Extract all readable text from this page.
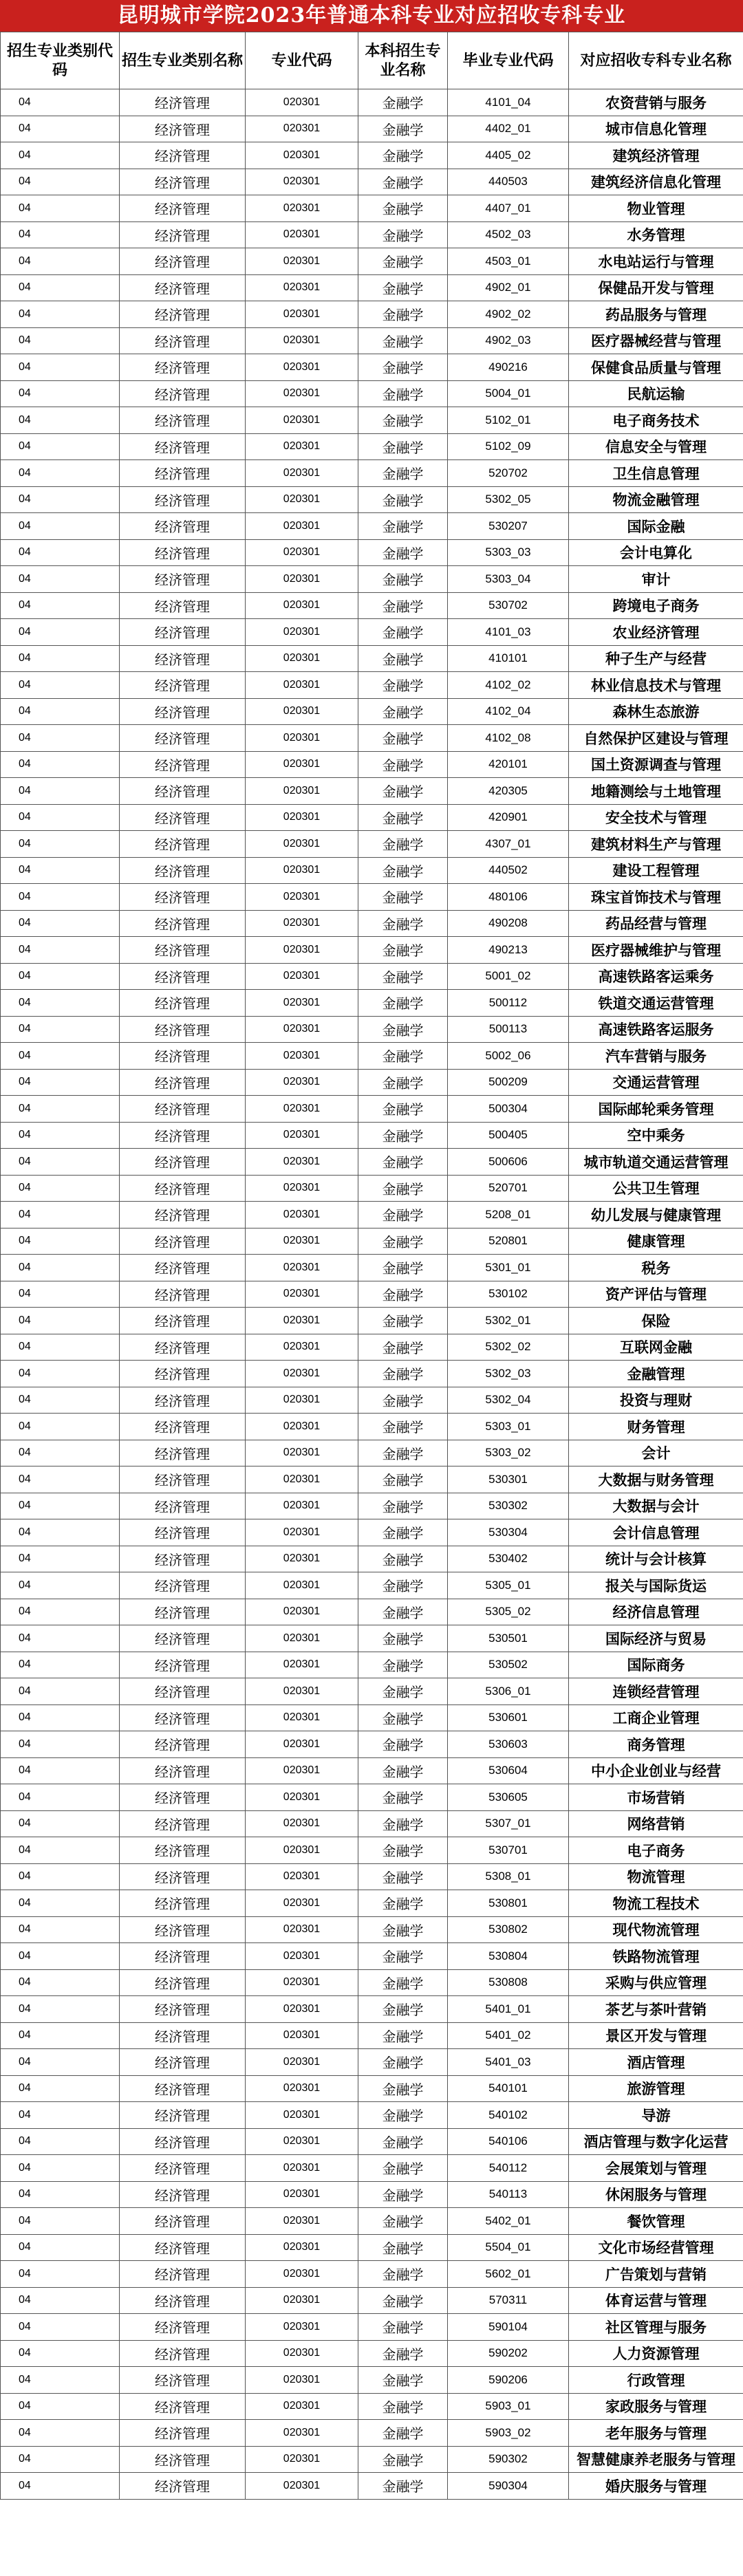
昆明城市学院2023年普通本科专业对应招收专科专业
招生专业类别代码	招生专业类别名称	专业代码	本科招生专业名称	毕业专业代码	对应招收专科专业名称
04	经济管理	020301	金融学	4101_04	农资营销与服务
04	经济管理	020301	金融学	4402_01	城市信息化管理
04	经济管理	020301	金融学	4405_02	建筑经济管理
04	经济管理	020301	金融学	440503	建筑经济信息化管理
04	经济管理	020301	金融学	4407_01	物业管理
04	经济管理	020301	金融学	4502_03	水务管理
04	经济管理	020301	金融学	4503_01	水电站运行与管理
04	经济管理	020301	金融学	4902_01	保健品开发与管理
04	经济管理	020301	金融学	4902_02	药品服务与管理
04	经济管理	020301	金融学	4902_03	医疗器械经营与管理
04	经济管理	020301	金融学	490216	保健食品质量与管理
04	经济管理	020301	金融学	5004_01	民航运输
04	经济管理	020301	金融学	5102_01	电子商务技术
04	经济管理	020301	金融学	5102_09	信息安全与管理
04	经济管理	020301	金融学	520702	卫生信息管理
04	经济管理	020301	金融学	5302_05	物流金融管理
04	经济管理	020301	金融学	530207	国际金融
04	经济管理	020301	金融学	5303_03	会计电算化
04	经济管理	020301	金融学	5303_04	审计
04	经济管理	020301	金融学	530702	跨境电子商务
04	经济管理	020301	金融学	4101_03	农业经济管理
04	经济管理	020301	金融学	410101	种子生产与经营
04	经济管理	020301	金融学	4102_02	林业信息技术与管理
04	经济管理	020301	金融学	4102_04	森林生态旅游
04	经济管理	020301	金融学	4102_08	自然保护区建设与管理
04	经济管理	020301	金融学	420101	国土资源调查与管理
04	经济管理	020301	金融学	420305	地籍测绘与土地管理
04	经济管理	020301	金融学	420901	安全技术与管理
04	经济管理	020301	金融学	4307_01	建筑材料生产与管理
04	经济管理	020301	金融学	440502	建设工程管理
04	经济管理	020301	金融学	480106	珠宝首饰技术与管理
04	经济管理	020301	金融学	490208	药品经营与管理
04	经济管理	020301	金融学	490213	医疗器械维护与管理
04	经济管理	020301	金融学	5001_02	高速铁路客运乘务
04	经济管理	020301	金融学	500112	铁道交通运营管理
04	经济管理	020301	金融学	500113	高速铁路客运服务
04	经济管理	020301	金融学	5002_06	汽车营销与服务
04	经济管理	020301	金融学	500209	交通运营管理
04	经济管理	020301	金融学	500304	国际邮轮乘务管理
04	经济管理	020301	金融学	500405	空中乘务
04	经济管理	020301	金融学	500606	城市轨道交通运营管理
04	经济管理	020301	金融学	520701	公共卫生管理
04	经济管理	020301	金融学	5208_01	幼儿发展与健康管理
04	经济管理	020301	金融学	520801	健康管理
04	经济管理	020301	金融学	5301_01	税务
04	经济管理	020301	金融学	530102	资产评估与管理
04	经济管理	020301	金融学	5302_01	保险
04	经济管理	020301	金融学	5302_02	互联网金融
04	经济管理	020301	金融学	5302_03	金融管理
04	经济管理	020301	金融学	5302_04	投资与理财
04	经济管理	020301	金融学	5303_01	财务管理
04	经济管理	020301	金融学	5303_02	会计
04	经济管理	020301	金融学	530301	大数据与财务管理
04	经济管理	020301	金融学	530302	大数据与会计
04	经济管理	020301	金融学	530304	会计信息管理
04	经济管理	020301	金融学	530402	统计与会计核算
04	经济管理	020301	金融学	5305_01	报关与国际货运
04	经济管理	020301	金融学	5305_02	经济信息管理
04	经济管理	020301	金融学	530501	国际经济与贸易
04	经济管理	020301	金融学	530502	国际商务
04	经济管理	020301	金融学	5306_01	连锁经营管理
04	经济管理	020301	金融学	530601	工商企业管理
04	经济管理	020301	金融学	530603	商务管理
04	经济管理	020301	金融学	530604	中小企业创业与经营
04	经济管理	020301	金融学	530605	市场营销
04	经济管理	020301	金融学	5307_01	网络营销
04	经济管理	020301	金融学	530701	电子商务
04	经济管理	020301	金融学	5308_01	物流管理
04	经济管理	020301	金融学	530801	物流工程技术
04	经济管理	020301	金融学	530802	现代物流管理
04	经济管理	020301	金融学	530804	铁路物流管理
04	经济管理	020301	金融学	530808	采购与供应管理
04	经济管理	020301	金融学	5401_01	茶艺与茶叶营销
04	经济管理	020301	金融学	5401_02	景区开发与管理
04	经济管理	020301	金融学	5401_03	酒店管理
04	经济管理	020301	金融学	540101	旅游管理
04	经济管理	020301	金融学	540102	导游
04	经济管理	020301	金融学	540106	酒店管理与数字化运营
04	经济管理	020301	金融学	540112	会展策划与管理
04	经济管理	020301	金融学	540113	休闲服务与管理
04	经济管理	020301	金融学	5402_01	餐饮管理
04	经济管理	020301	金融学	5504_01	文化市场经营管理
04	经济管理	020301	金融学	5602_01	广告策划与营销
04	经济管理	020301	金融学	570311	体育运营与管理
04	经济管理	020301	金融学	590104	社区管理与服务
04	经济管理	020301	金融学	590202	人力资源管理
04	经济管理	020301	金融学	590206	行政管理
04	经济管理	020301	金融学	5903_01	家政服务与管理
04	经济管理	020301	金融学	5903_02	老年服务与管理
04	经济管理	020301	金融学	590302	智慧健康养老服务与管理
04	经济管理	020301	金融学	590304	婚庆服务与管理
